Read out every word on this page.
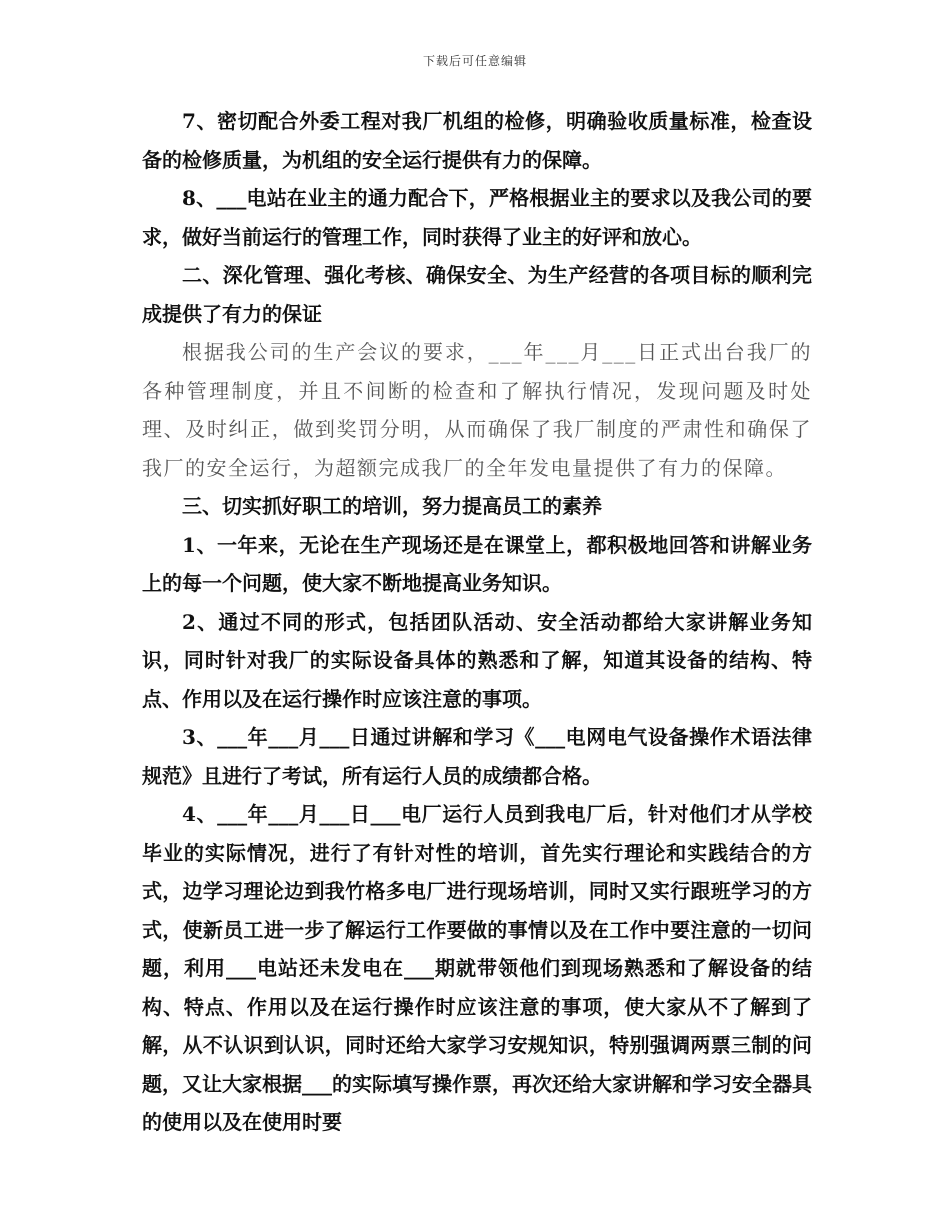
下载后可任意编辑

7、密切配合外委工程对我厂机组的检修，明确验收质量标准，检查设备的检修质量，为机组的安全运行提供有力的保障。

8、___电站在业主的通力配合下，严格根据业主的要求以及我公司的要求，做好当前运行的管理工作，同时获得了业主的好评和放心。

二、深化管理、强化考核、确保安全、为生产经营的各项目标的顺利完成提供了有力的保证

根据我公司的生产会议的要求，___年___月___日正式出台我厂的各种管理制度，并且不间断的检查和了解执行情况，发现问题及时处理、及时纠正，做到奖罚分明，从而确保了我厂制度的严肃性和确保了我厂的安全运行，为超额完成我厂的全年发电量提供了有力的保障。

三、切实抓好职工的培训，努力提高员工的素养

1、一年来，无论在生产现场还是在课堂上，都积极地回答和讲解业务上的每一个问题，使大家不断地提高业务知识。

2、通过不同的形式，包括团队活动、安全活动都给大家讲解业务知识，同时针对我厂的实际设备具体的熟悉和了解，知道其设备的结构、特点、作用以及在运行操作时应该注意的事项。

3、___年___月___日通过讲解和学习《___电网电气设备操作术语法律规范》且进行了考试，所有运行人员的成绩都合格。

4、___年___月___日___电厂运行人员到我电厂后，针对他们才从学校毕业的实际情况，进行了有针对性的培训，首先实行理论和实践结合的方式，边学习理论边到我竹格多电厂进行现场培训，同时又实行跟班学习的方式，使新员工进一步了解运行工作要做的事情以及在工作中要注意的一切问题，利用___电站还未发电在___期就带领他们到现场熟悉和了解设备的结构、特点、作用以及在运行操作时应该注意的事项，使大家从不了解到了解，从不认识到认识，同时还给大家学习安规知识，特别强调两票三制的问题，又让大家根据___的实际填写操作票，再次还给大家讲解和学习安全器具的使用以及在使用时要
